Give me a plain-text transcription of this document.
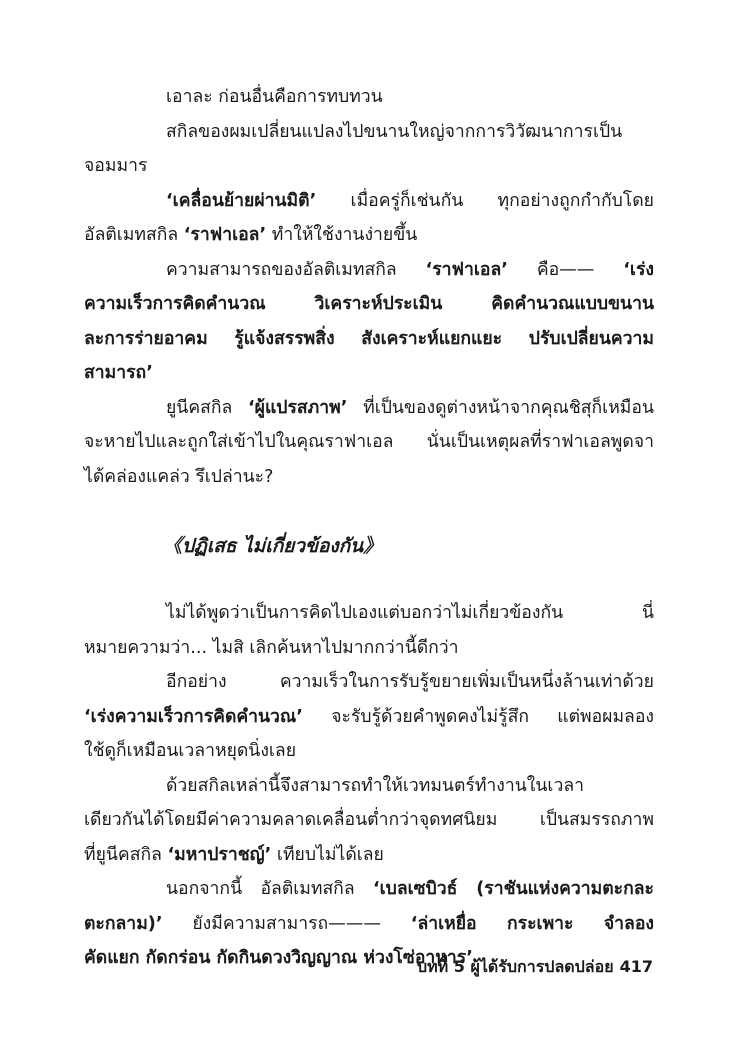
เอาละ ก่อนอื่นคือการทบทวน

สกิลของผมเปลี่ยนแปลงไปขนานใหญ่จากการวิวัฒนาการเป็น

จอมมาร

‘เคลื่อนย้ายผ่านมิติ’ เมื่อครู่ก็เช่นกัน ทุกอย่างถูกกำกับโดย

อัลติเมทสกิล ‘ราฟาเอล’ ทำให้ใช้งานง่ายขึ้น

ความสามารถของอัลติเมทสกิล ‘ราฟาเอล’ คือ—— ‘เร่ง

ความเร็วการคิดคำนวณ วิเคราะห์ประเมิน คิดคำนวณแบบขนาน

ละการร่ายอาคม รู้แจ้งสรรพสิ่ง สังเคราะห์แยกแยะ ปรับเปลี่ยนความ

สามารถ’

ยูนีคสกิล ‘ผู้แปรสภาพ’ ที่เป็นของดูต่างหน้าจากคุณชิสุก็เหมือน

จะหายไปและถูกใส่เข้าไปในคุณราฟาเอล นั่นเป็นเหตุผลที่ราฟาเอลพูดจา

ได้คล่องแคล่ว รึเปล่านะ?

《ปฏิเสธ ไม่เกี่ยวข้องกัน》

ไม่ได้พูดว่าเป็นการคิดไปเองแต่บอกว่าไม่เกี่ยวข้องกัน นี่

หมายความว่า... ไมสิ เลิกค้นหาไปมากกว่านี้ดีกว่า

อีกอย่าง ความเร็วในการรับรู้ขยายเพิ่มเป็นหนึ่งล้านเท่าด้วย

‘เร่งความเร็วการคิดคำนวณ’ จะรับรู้ด้วยคำพูดคงไม่รู้สึก แต่พอผมลอง

ใช้ดูก็เหมือนเวลาหยุดนิ่งเลย

ด้วยสกิลเหล่านี้จึงสามารถทำให้เวทมนตร์ทำงานในเวลา

เดียวกันได้โดยมีค่าความคลาดเคลื่อนต่ำกว่าจุดทศนิยม เป็นสมรรถภาพ

ที่ยูนีคสกิล ‘มหาปราชญ์’ เทียบไม่ได้เลย

นอกจากนี้ อัลติเมทสกิล ‘เบลเซบิวธ์ (ราชันแห่งความตะกละ

ตะกลาม)’ ยังมีความสามารถ——— ‘ล่าเหยื่อ กระเพาะ จำลอง

คัดแยก กัดกร่อน กัดกินดวงวิญญาณ ห่วงโซ่อาหาร’

บทที่ 5 ผู้ได้รับการปลดปล่อย 417
